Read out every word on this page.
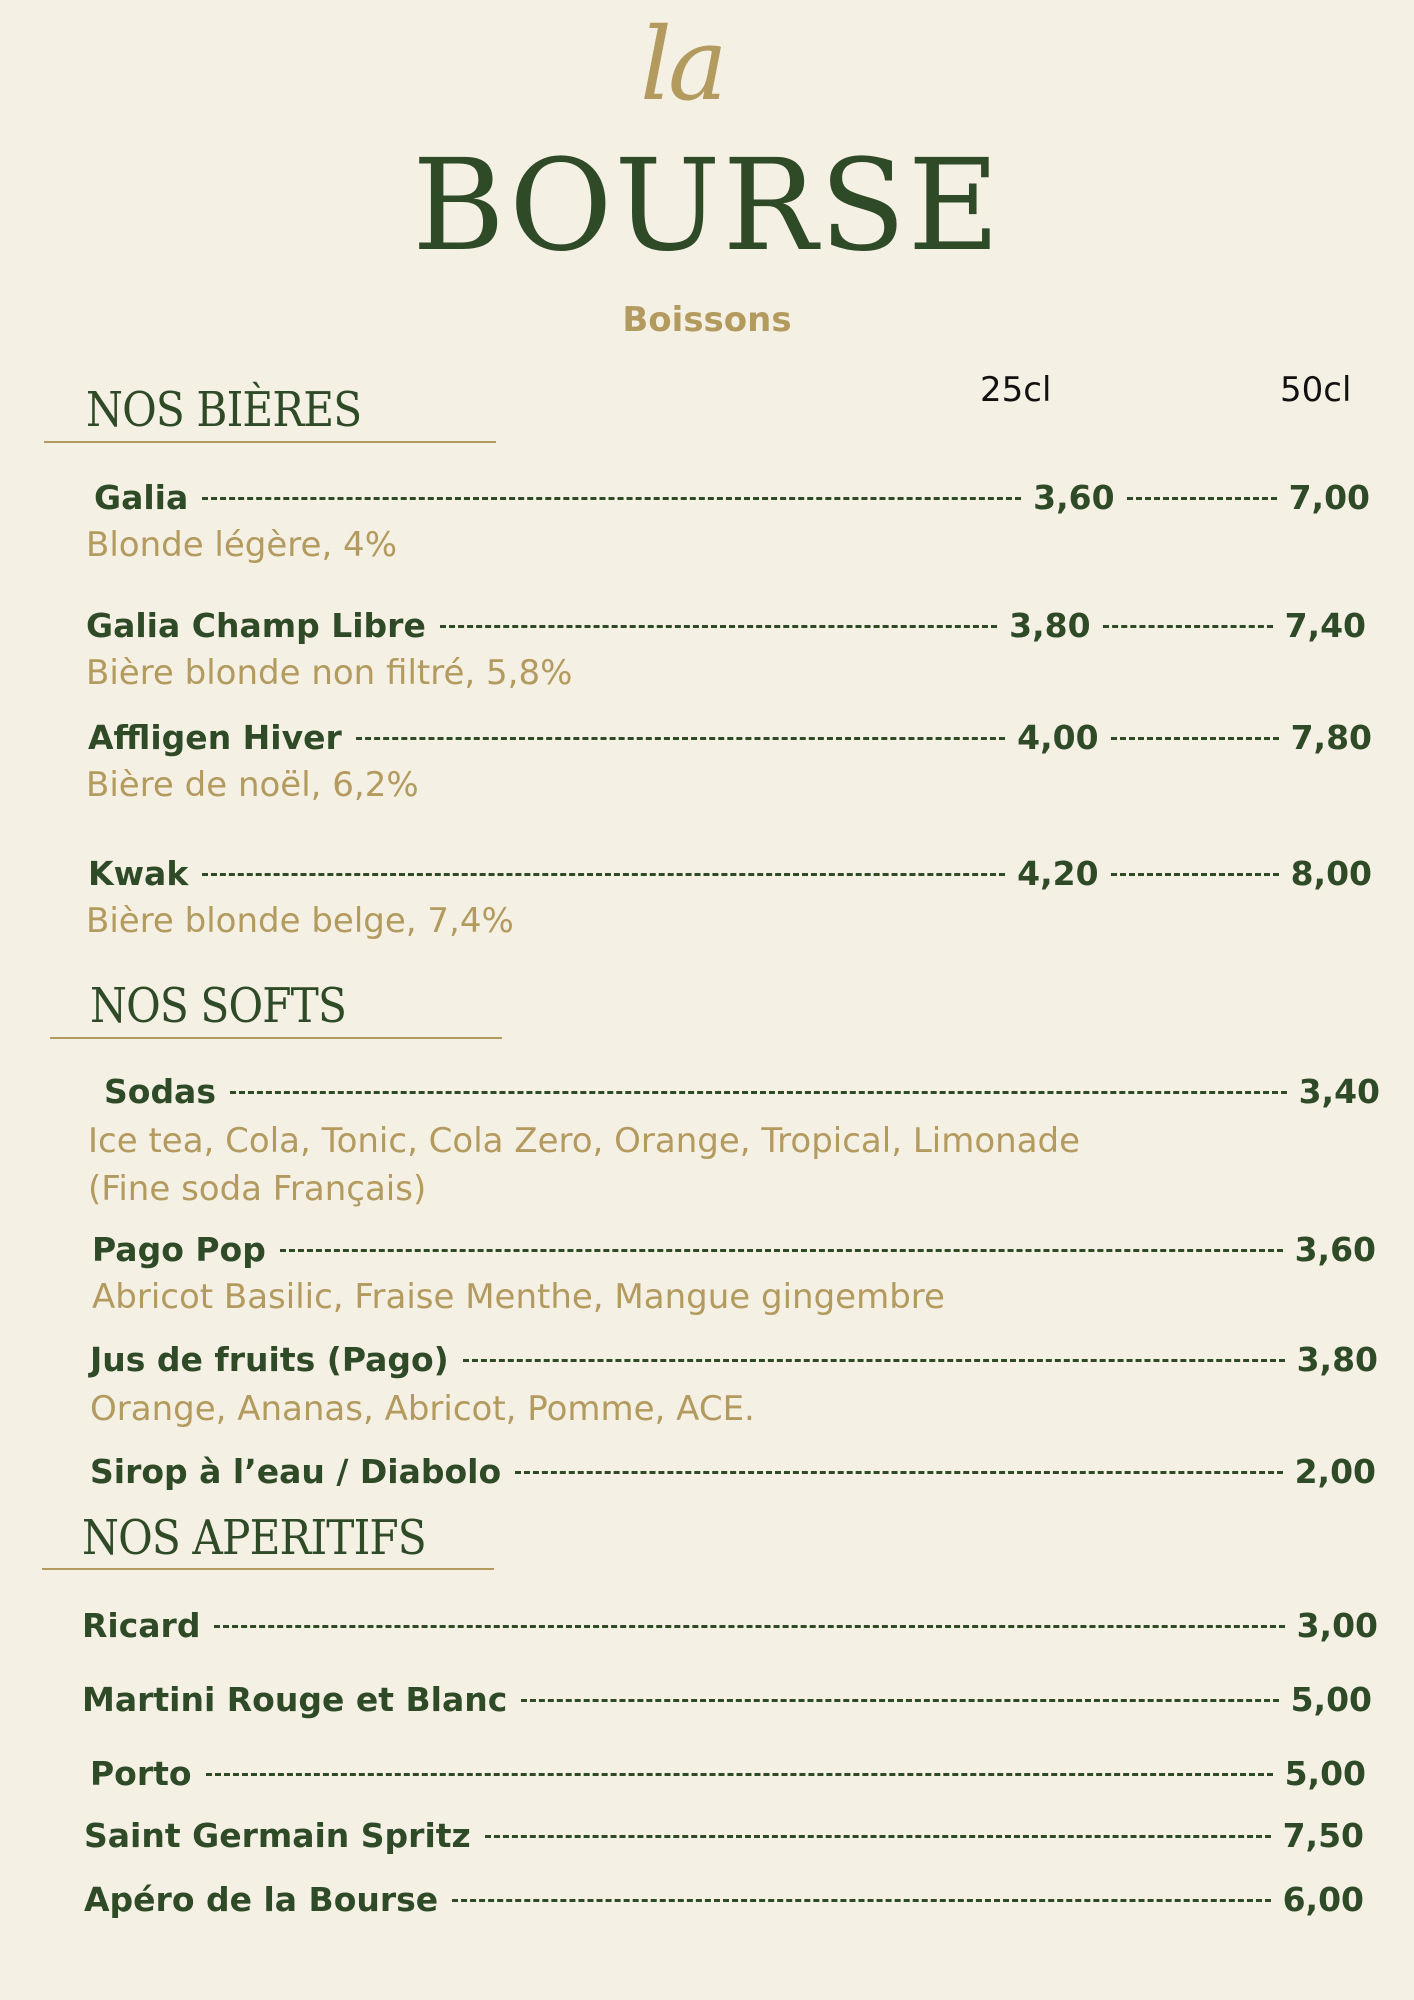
la
BOURSE
Boissons
NOS BIÈRES	25cl	50cl
Galia	3,60	7,00
Blonde légère, 4%
Galia Champ Libre	3,80	7,40
Bière blonde non filtré, 5,8%
Affligen Hiver	4,00	7,80
Bière de noël, 6,2%
Kwak	4,20	8,00
Bière blonde belge, 7,4%
NOS SOFTS
Sodas	3,40
Ice tea, Cola, Tonic, Cola Zero, Orange, Tropical, Limonade
(Fine soda Français)
Pago Pop	3,60
Abricot Basilic, Fraise Menthe, Mangue gingembre
Jus de fruits (Pago)	3,80
Orange, Ananas, Abricot, Pomme, ACE.
Sirop à l’eau / Diabolo	2,00
NOS APERITIFS
Ricard	3,00
Martini Rouge et Blanc	5,00
Porto	5,00
Saint Germain Spritz	7,50
Apéro de la Bourse	6,00
